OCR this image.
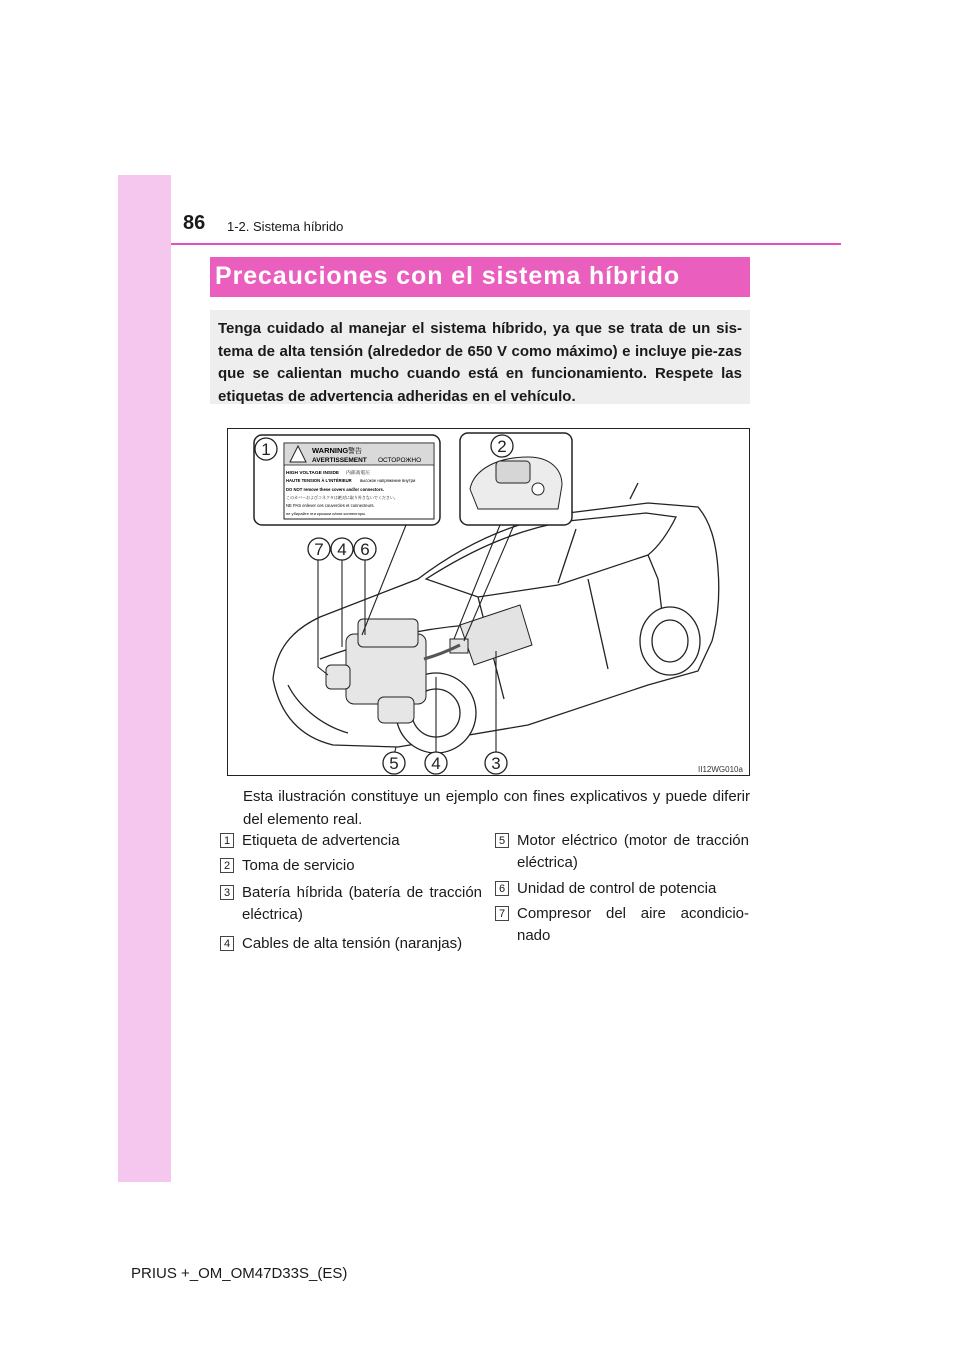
86 1-2. Sistema híbrido
Precauciones con el sistema híbrido

Tenga cuidado al manejar el sistema híbrido, ya que se trata de un sis-tema de alta tensión (alrededor de 650 V como máximo) e incluye pie-zas que se calientan mucho cuando está en funcionamiento. Respete las etiquetas de advertencia adheridas en el vehículo.

WARNING 警告
AVERTISSEMENT ОСТОРОЖНО
HIGH VOLTAGE INSIDE 内部高電圧
HAUTE TENSION À L'INTÉRIEUR высокое напряжение внутри
DO NOT remove these covers and/or connectors.
このカバーおよびコネクタは絶対に取り外さないでください。
NE PAS enlever ces couvercles et connecteurs.
не убирайте эти крышки и/или коннекторы.
1	2
7 4 6
5 4	3	II12WG010a
Esta ilustración constituye un ejemplo con fines explicativos y puede diferir del elemento real.
1 Etiqueta de advertencia
2 Toma de servicio
3 Batería híbrida (batería de tracción eléctrica)
4 Cables de alta tensión (naranjas)
5 Motor eléctrico (motor de tracción eléctrica)
6 Unidad de control de potencia
7 Compresor del aire acondicio-nado
PRIUS +_OM_OM47D33S_(ES)
